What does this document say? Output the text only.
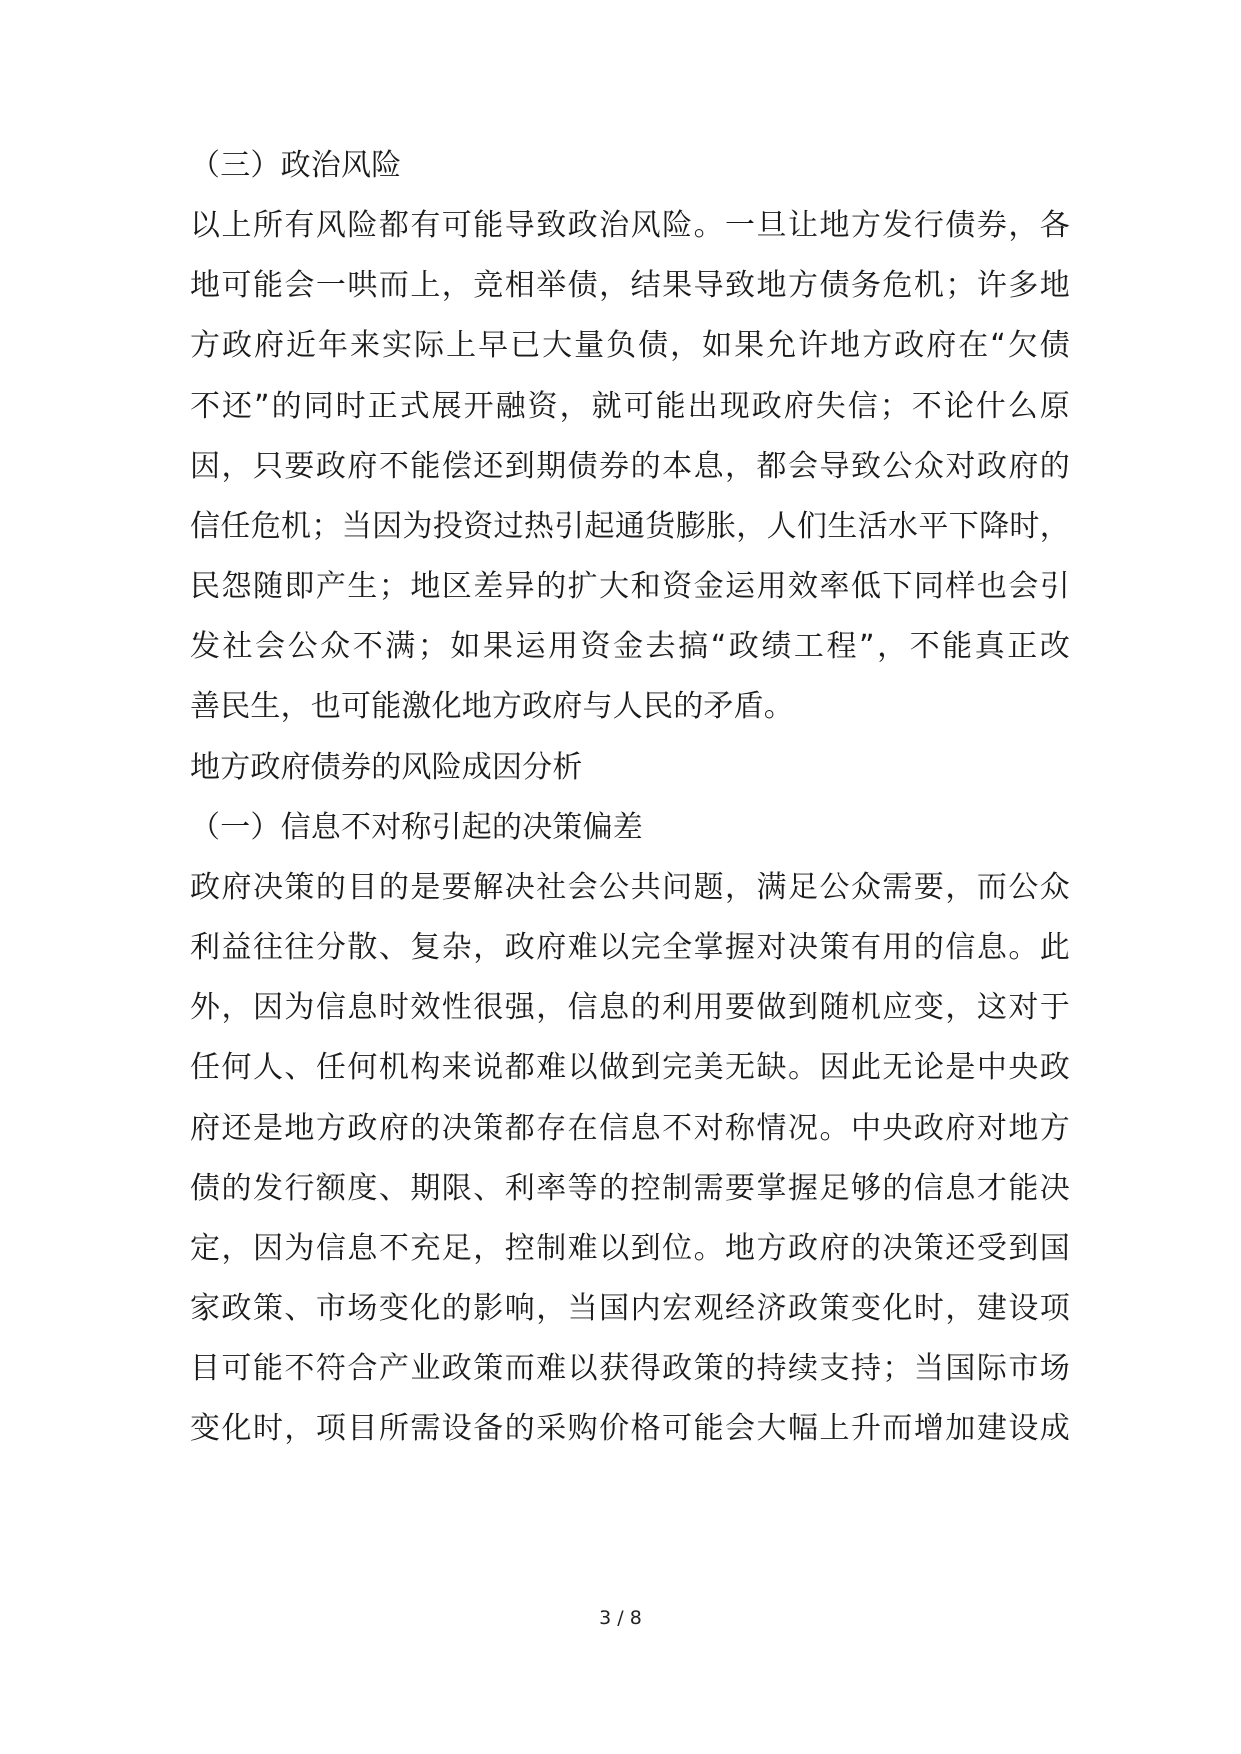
（三）政治风险
以上所有风险都有可能导致政治风险。一旦让地方发行债券，各
地可能会一哄而上，竞相举债，结果导致地方债务危机；许多地
方政府近年来实际上早已大量负债，如果允许地方政府在“欠债
不还”的同时正式展开融资，就可能出现政府失信；不论什么原
因，只要政府不能偿还到期债券的本息，都会导致公众对政府的
信任危机；当因为投资过热引起通货膨胀，人们生活水平下降时，
民怨随即产生；地区差异的扩大和资金运用效率低下同样也会引
发社会公众不满；如果运用资金去搞“政绩工程”，不能真正改
善民生，也可能激化地方政府与人民的矛盾。
地方政府债券的风险成因分析
（一）信息不对称引起的决策偏差
政府决策的目的是要解决社会公共问题，满足公众需要，而公众
利益往往分散、复杂，政府难以完全掌握对决策有用的信息。此
外，因为信息时效性很强，信息的利用要做到随机应变，这对于
任何人、任何机构来说都难以做到完美无缺。因此无论是中央政
府还是地方政府的决策都存在信息不对称情况。中央政府对地方
债的发行额度、期限、利率等的控制需要掌握足够的信息才能决
定，因为信息不充足，控制难以到位。地方政府的决策还受到国
家政策、市场变化的影响，当国内宏观经济政策变化时，建设项
目可能不符合产业政策而难以获得政策的持续支持；当国际市场
变化时，项目所需设备的采购价格可能会大幅上升而增加建设成
3 / 8
